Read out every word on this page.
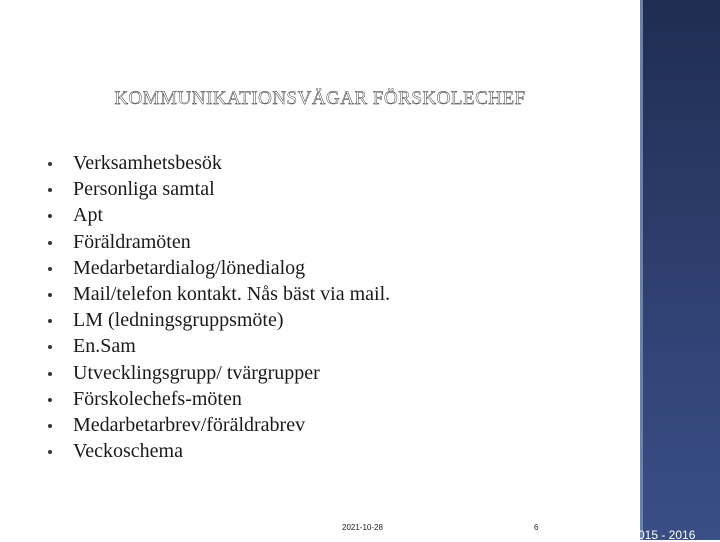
KOMMUNIKATIONSVÄGAR FÖRSKOLECHEF
Verksamhetsbesök
Personliga samtal
Apt
Föräldramöten
Medarbetardialog/lönedialog
Mail/telefon kontakt. Nås bäst via mail.
LM (ledningsgruppsmöte)
En.Sam
Utvecklingsgrupp/ tvärgrupper
Förskolechefs-möten
Medarbetarbrev/föräldrabrev
Veckoschema
2021-10-28	6
015 - 2016
